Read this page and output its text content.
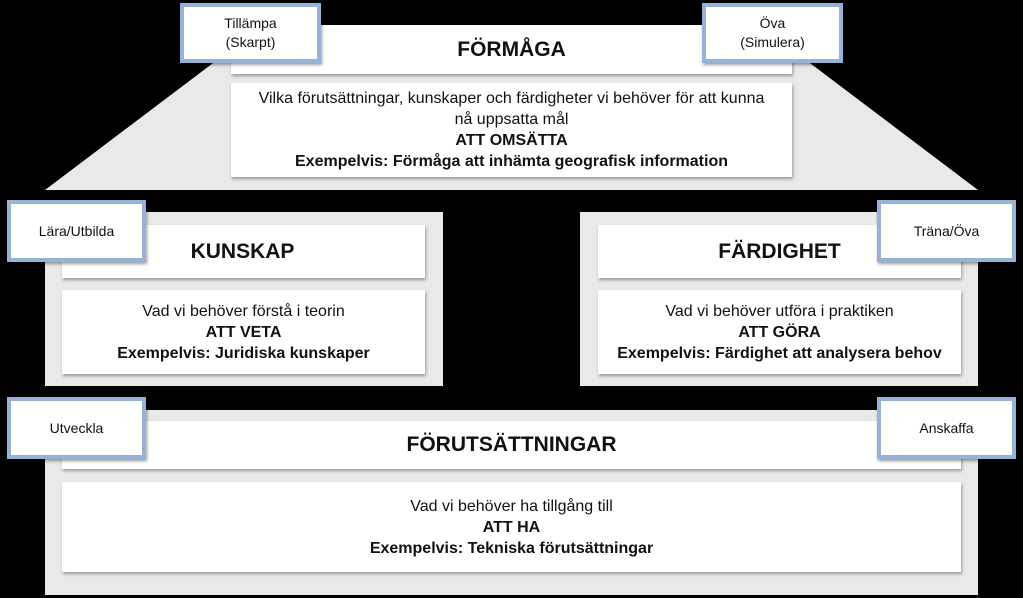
FÖRMÅGA
Vilka förutsättningar, kunskaper och färdigheter vi behöver för att kunna
nå uppsatta mål
ATT OMSÄTTA
Exempelvis: Förmåga att inhämta geografisk information
Tillämpa
(Skarpt)
Öva
(Simulera)
KUNSKAP
Vad vi behöver förstå i teorin
ATT VETA
Exempelvis: Juridiska kunskaper
Lära/Utbilda
FÄRDIGHET
Vad vi behöver utföra i praktiken
ATT GÖRA
Exempelvis: Färdighet att analysera behov
Träna/Öva
FÖRUTSÄTTNINGAR
Vad vi behöver ha tillgång till
ATT HA
Exempelvis: Tekniska förutsättningar
Utveckla	Anskaffa
